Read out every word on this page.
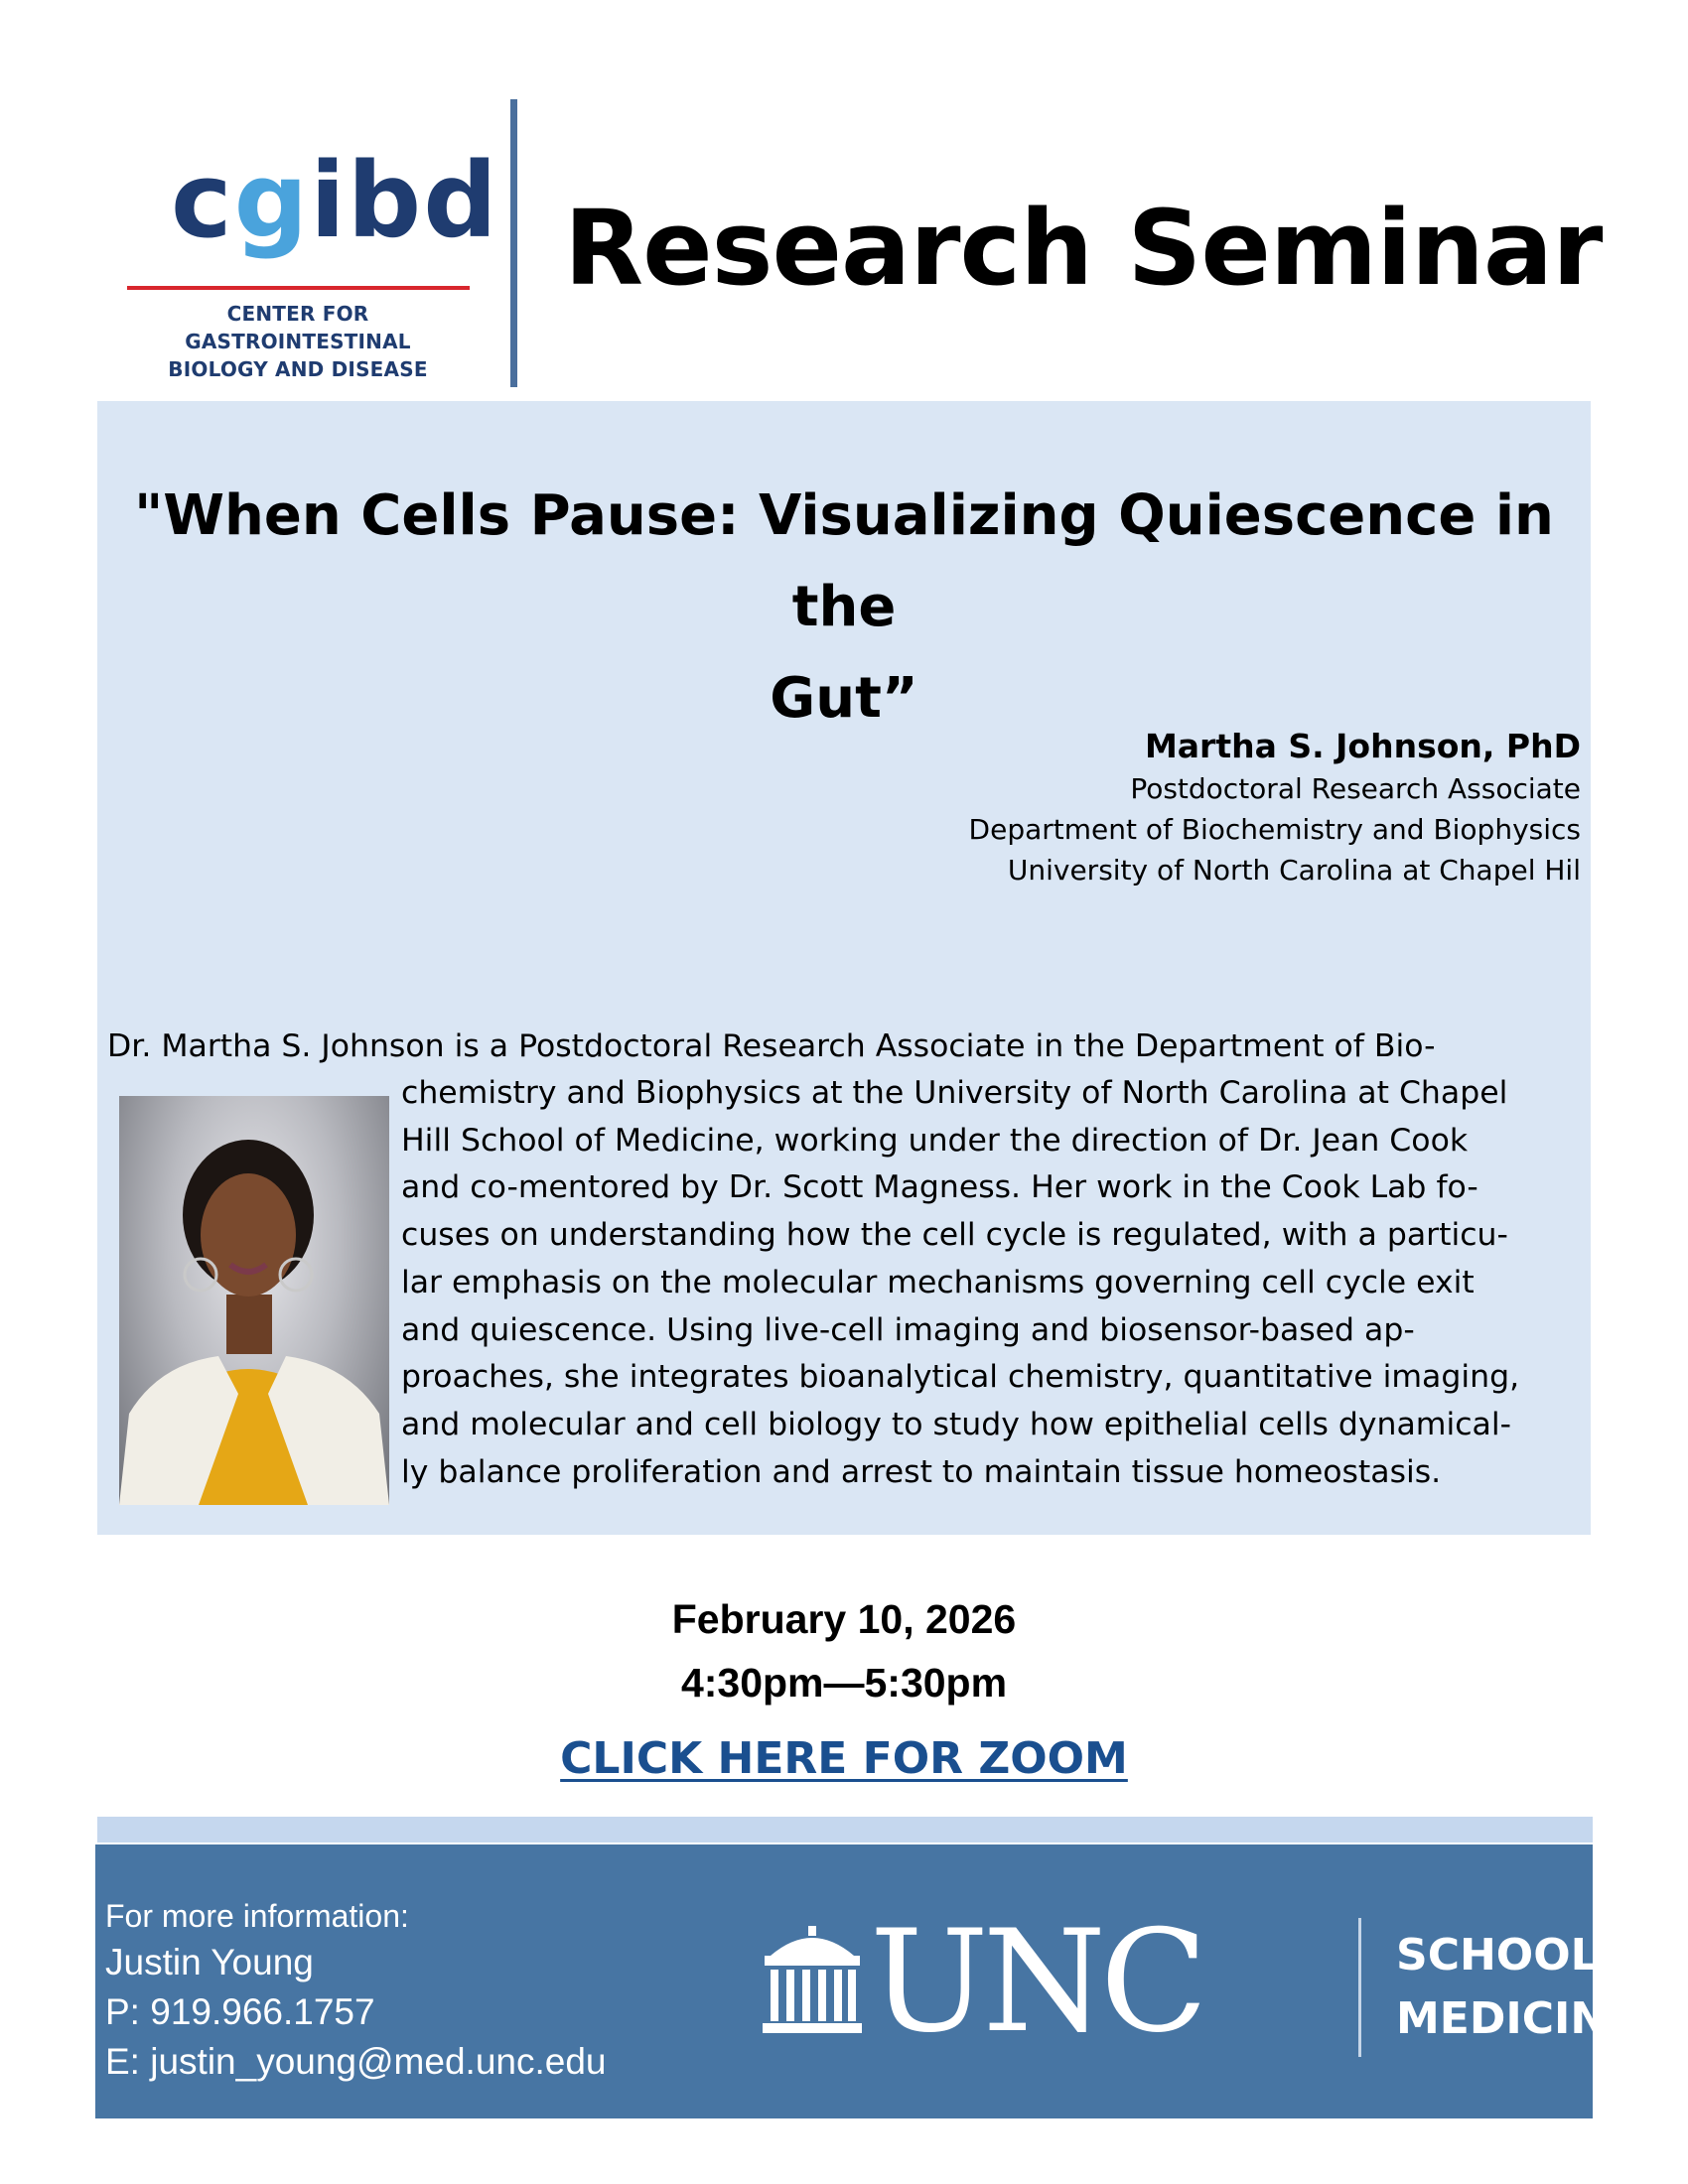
cgibd
CENTER FOR GASTROINTESTINAL
BIOLOGY AND DISEASE
Research Seminar
"When Cells Pause: Visualizing Quiescence in the
Gut”
Martha S. Johnson, PhD
Postdoctoral Research Associate
Department of Biochemistry and Biophysics
University of North Carolina at Chapel Hil
Dr. Martha S. Johnson is a Postdoctoral Research Associate in the Department of Bio-
chemistry and Biophysics at the University of North Carolina at Chapel
Hill School of Medicine, working under the direction of Dr. Jean Cook
and co-mentored by Dr. Scott Magness. Her work in the Cook Lab fo-
cuses on understanding how the cell cycle is regulated, with a particu-
lar emphasis on the molecular mechanisms governing cell cycle exit
and quiescence. Using live-cell imaging and biosensor-based ap-
proaches, she integrates bioanalytical chemistry, quantitative imaging,
and molecular and cell biology to study how epithelial cells dynamical-
ly balance proliferation and arrest to maintain tissue homeostasis.
February 10, 2026
4:30pm—5:30pm
CLICK HERE FOR ZOOM
For more information:
Justin Young
P: 919.966.1757
E: justin_young@med.unc.edu UNC	SCHOOL OF
MEDICINE
